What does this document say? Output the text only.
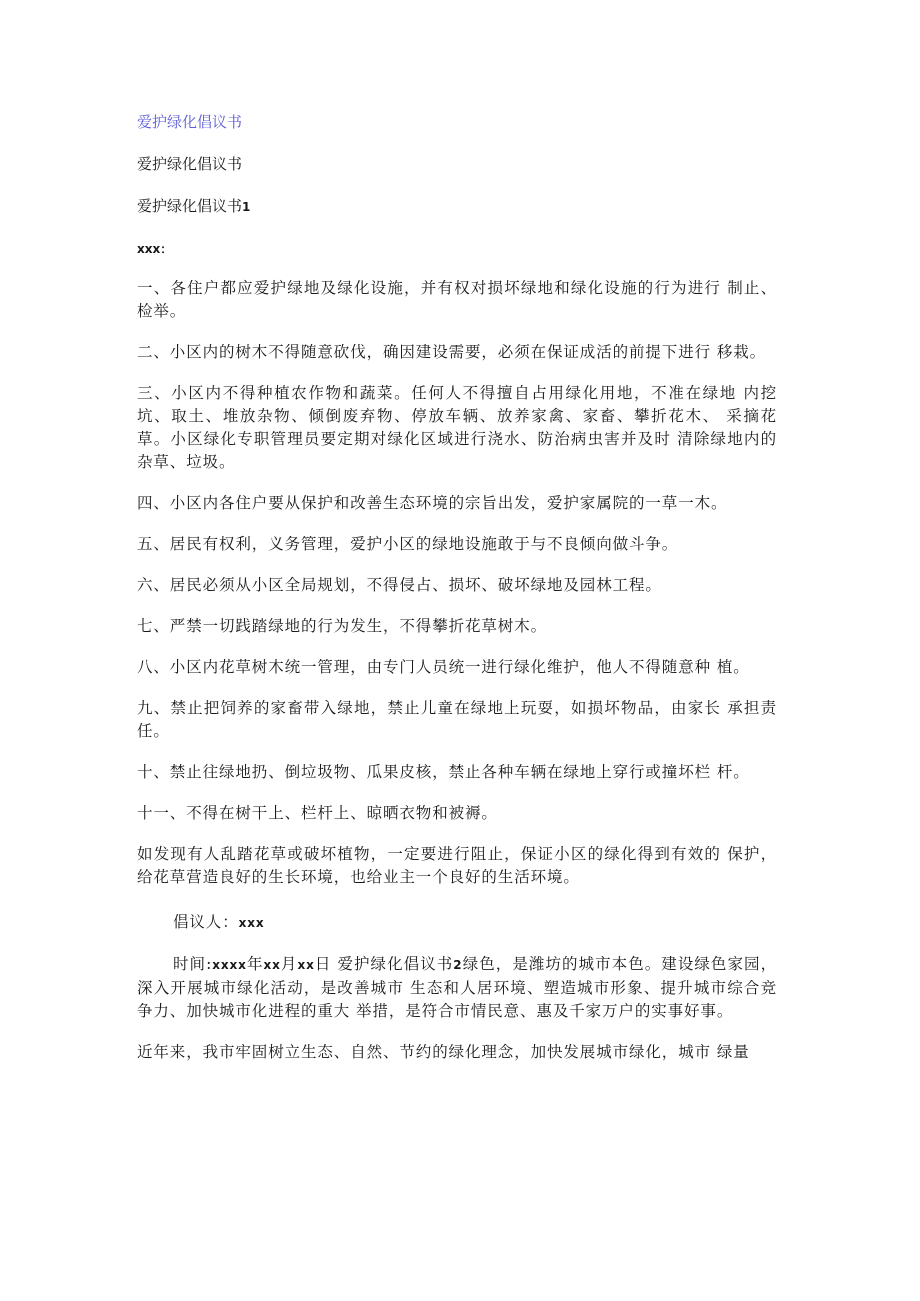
爱护绿化倡议书
爱护绿化倡议书
爱护绿化倡议书1
xxx：

一、各住户都应爱护绿地及绿化设施，并有权对损坏绿地和绿化设施的行为进行 制止、检举。

二、小区内的树木不得随意砍伐，确因建设需要，必须在保证成活的前提下进行 移栽。

三、小区内不得种植农作物和蔬菜。任何人不得擅自占用绿化用地，不准在绿地 内挖坑、取土、堆放杂物、倾倒废弃物、停放车辆、放养家禽、家畜、攀折花木、 采摘花草。小区绿化专职管理员要定期对绿化区域进行浇水、防治病虫害并及时 清除绿地内的杂草、垃圾。

四、小区内各住户要从保护和改善生态环境的宗旨出发，爱护家属院的一草一木。

五、居民有权利，义务管理，爱护小区的绿地设施敢于与不良倾向做斗争。

六、居民必须从小区全局规划，不得侵占、损坏、破坏绿地及园林工程。

七、严禁一切践踏绿地的行为发生，不得攀折花草树木。

八、小区内花草树木统一管理，由专门人员统一进行绿化维护，他人不得随意种 植。

九、禁止把饲养的家畜带入绿地，禁止儿童在绿地上玩耍，如损坏物品，由家长 承担责任。

十、禁止往绿地扔、倒垃圾物、瓜果皮核，禁止各种车辆在绿地上穿行或撞坏栏 杆。

十一、不得在树干上、栏杆上、晾晒衣物和被褥。

如发现有人乱踏花草或破坏植物，一定要进行阻止，保证小区的绿化得到有效的 保护，给花草营造良好的生长环境，也给业主一个良好的生活环境。

倡议人：xxx

时间:xxxx年xx月xx日 爱护绿化倡议书2绿色，是潍坊的城市本色。建设绿色家园，深入开展城市绿化活动，是改善城市 生态和人居环境、塑造城市形象、提升城市综合竞争力、加快城市化进程的重大 举措，是符合市情民意、惠及千家万户的实事好事。

近年来，我市牢固树立生态、自然、节约的绿化理念，加快发展城市绿化，城市 绿量
